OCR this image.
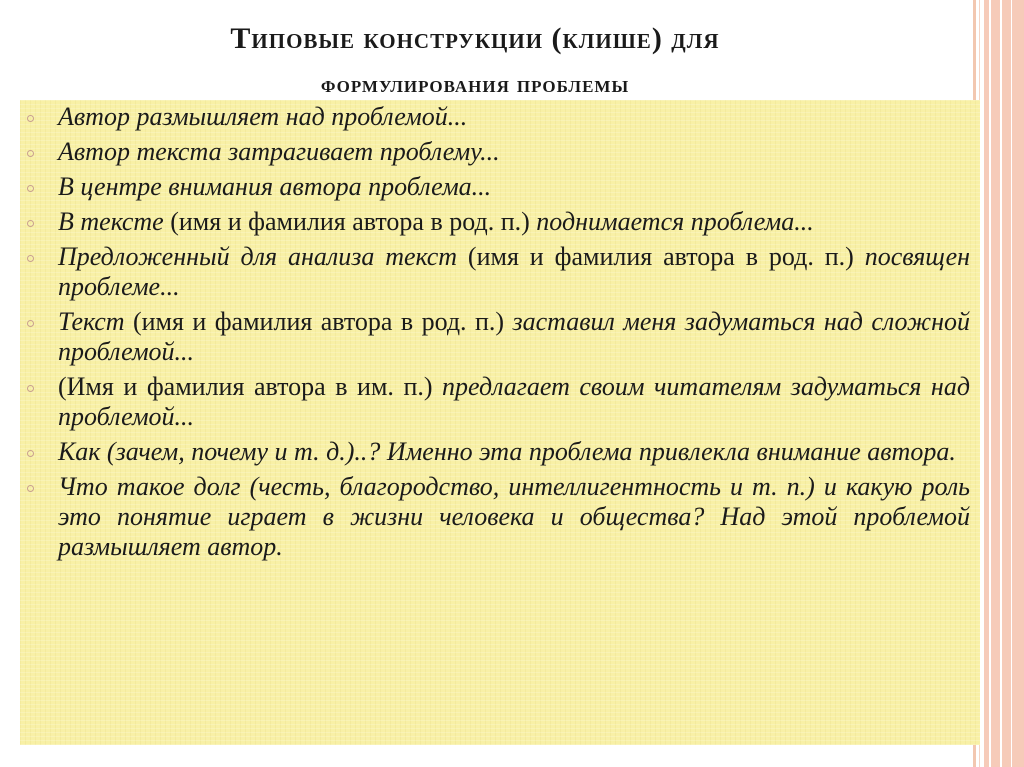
Типовые конструкции (клише) для
формулирования проблемы
Автор размышляет над проблемой...
Автор текста затрагивает проблему...
В центре внимания автора проблема...
В тексте (имя и фамилия автора в род. п.) поднимается проблема...
Предложенный для анализа текст (имя и фамилия автора в род. п.) посвящен проблеме...
Текст (имя и фамилия автора в род. п.) заставил меня задуматься над сложной проблемой...
(Имя и фамилия автора в им. п.) предлагает своим читателям задуматься над проблемой...
Как (зачем, почему и т. д.)..? Именно эта проблема привлекла внимание автора.
Что такое долг (честь, благородство, интеллигентность и т. п.) и какую роль это понятие играет в жизни человека и общества? Над этой проблемой размышляет автор.
